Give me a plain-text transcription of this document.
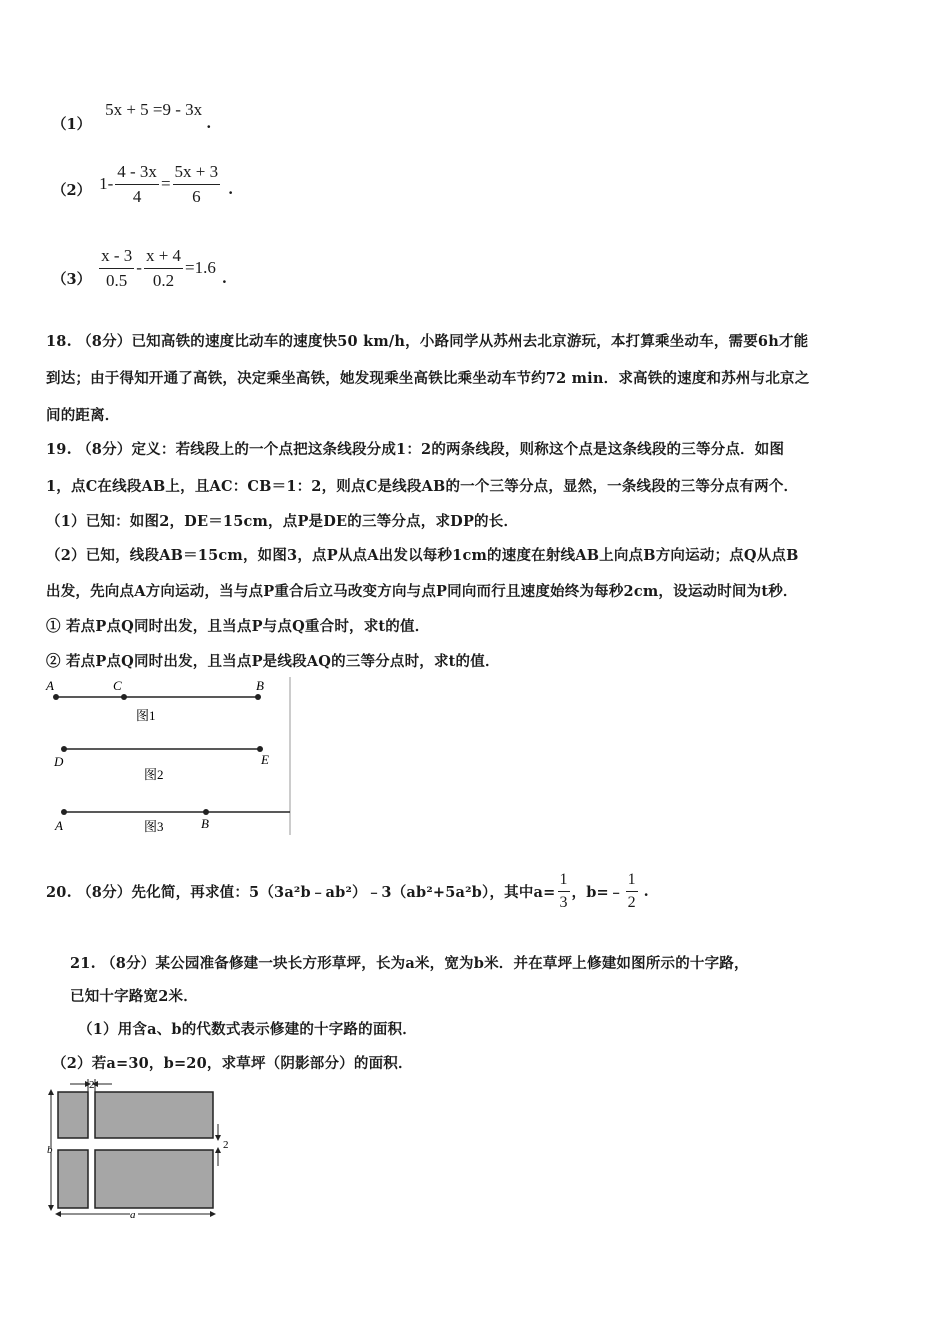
（1）
5x + 5 =9 - 3x
.
（2） $1- \frac{4 - 3x}{4} = \frac{5x + 3}{6}$ .
$(3) \frac{x - 3}{0.5} - \frac{x + 4}{0.2} =1.6$
.
18. （8分）已知高铁的速度比动车的速度快50 km/h，小路同学从苏州去北京游玩，本打算乘坐动车，需要6h才能
到达；由于得知开通了高铁，决定乘坐高铁，她发现乘坐高铁比乘坐动车节约72 min．求高铁的速度和苏州与北京之
间的距离．
19. （8分）定义：若线段上的一个点把这条线段分成1：2的两条线段，则称这个点是这条线段的三等分点．如图
1，点C在线段AB上，且AC：CB＝1：2，则点C是线段AB的一个三等分点，显然，一条线段的三等分点有两个．
（1）已知：如图2，DE＝15cm，点P是DE的三等分点，求DP的长．
（2）已知，线段AB＝15cm，如图3，点P从点A出发以每秒1cm的速度在射线AB上向点B方向运动；点Q从点B
出发，先向点A方向运动，当与点P重合后立马改变方向与点P同向而行且速度始终为每秒2cm，设运动时间为t秒．
① 若点P点Q同时出发，且当点P与点Q重合时，求t的值．
② 若点P点Q同时出发，且当点P是线段AQ的三等分点时，求t的值．
A	C	B
图1
D	E
图2
A	B
图3
20. （8分）先化简，再求值：5（3a²b﹣ab²）﹣3（ab²+5a²b），其中$a= \frac{1}{3}$ ，b=﹣ $\frac{1}{2}$ .
21. （8分）某公园准备修建一块长方形草坪，长为a米，宽为b米．并在草坪上修建如图所示的十字路，
已知十字路宽2米．
（1）用含a、b的代数式表示修建的十字路的面积．
（2）若a=30，b=20，求草坪（阴影部分）的面积．
2
2
b
a
